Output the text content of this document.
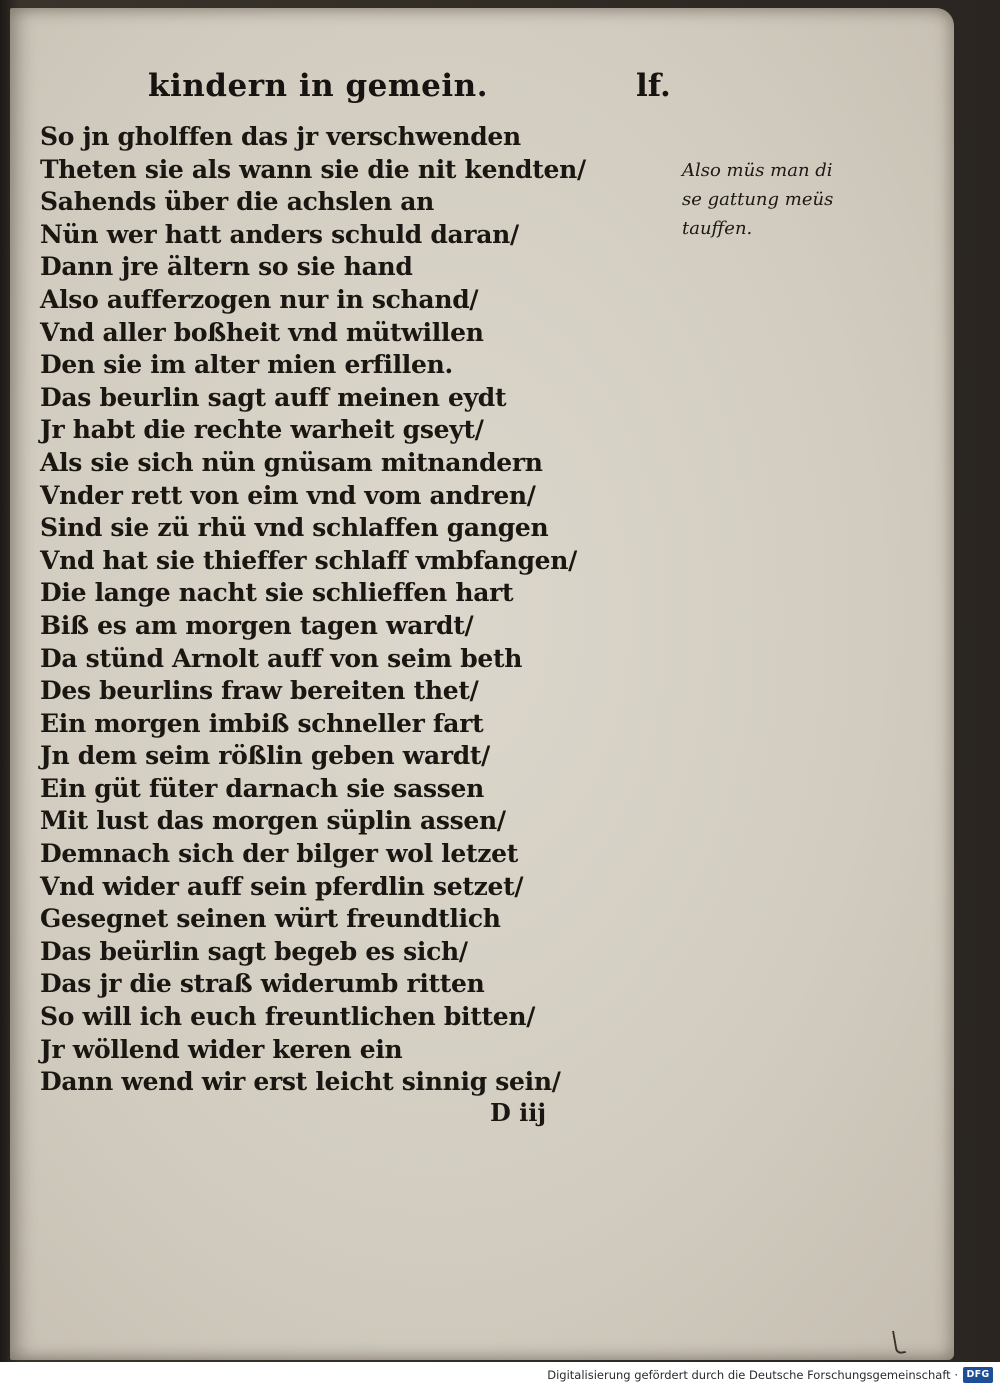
kindern in gemein.	lf.
So jn gholffen das jr verschwenden
Theten sie als wann sie die nit kendten/
Sahends über die achslen an
Nün wer hatt anders schuld daran/
Dann jre ältern so sie hand
Also aufferzogen nur in schand/
Vnd aller boßheit vnd mütwillen
Den sie im alter mien erfillen.
Das beurlin sagt auff meinen eydt
Jr habt die rechte warheit gseyt/
Als sie sich nün gnüsam mitnandern
Vnder rett von eim vnd vom andren/
Sind sie zü rhü vnd schlaffen gangen
Vnd hat sie thieffer schlaff vmbfangen/
Die lange nacht sie schlieffen hart
Biß es am morgen tagen wardt/
Da stünd Arnolt auff von seim beth
Des beurlins fraw bereiten thet/
Ein morgen imbiß schneller fart
Jn dem seim rößlin geben wardt/
Ein güt füter darnach sie sassen
Mit lust das morgen süplin assen/
Demnach sich der bilger wol letzet
Vnd wider auff sein pferdlin setzet/
Gesegnet seinen würt freundtlich
Das beürlin sagt begeb es sich/
Das jr die straß widerumb ritten
So will ich euch freuntlichen bitten/
Jr wöllend wider keren ein
Dann wend wir erst leicht sinnig sein/
Also müs man di
se gattung meüs
tauffen.
D iij
Digitalisierung gefördert durch die Deutsche Forschungsgemeinschaft · DFG
